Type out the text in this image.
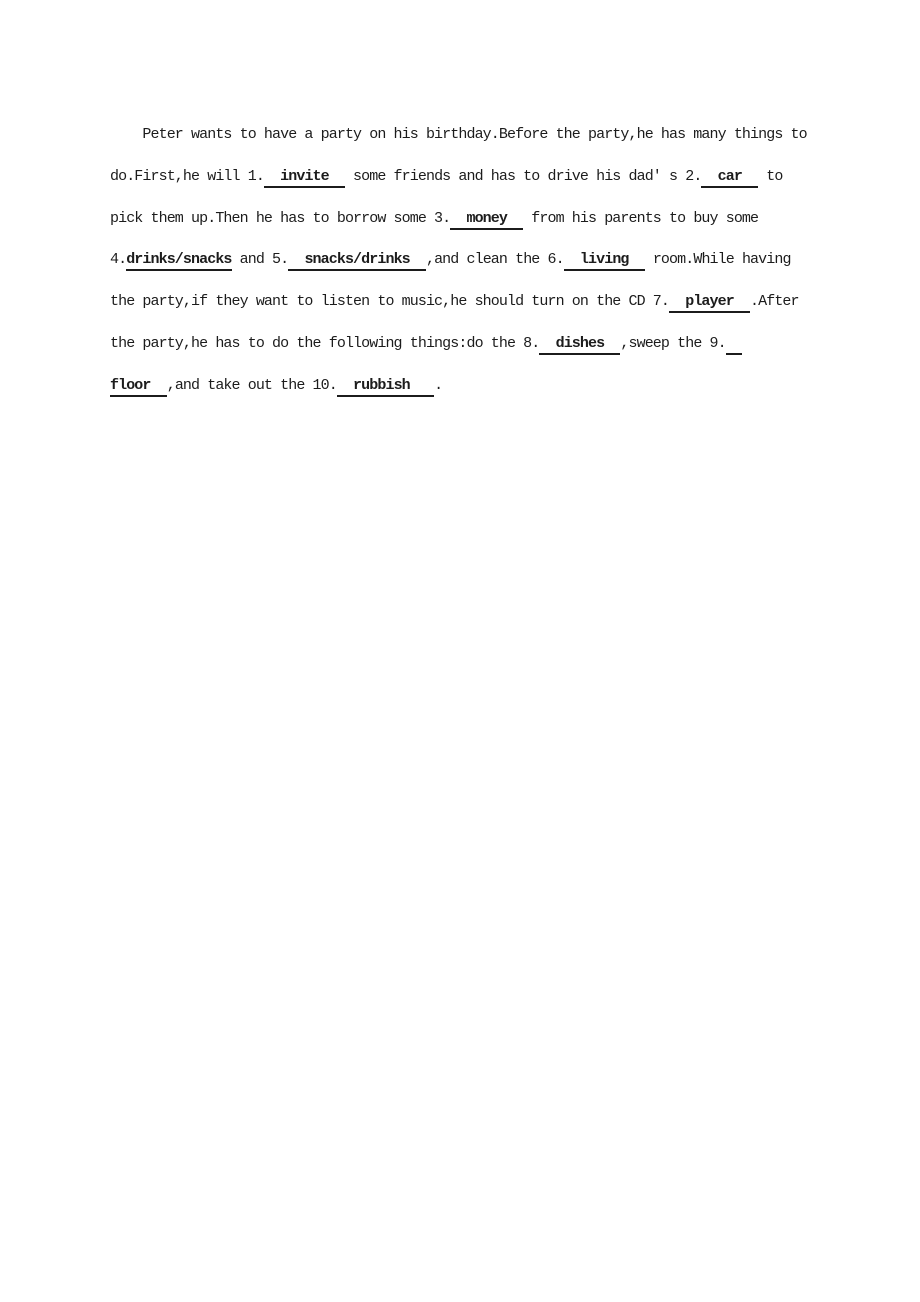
Peter wants to have a party on his birthday.Before the party,he has many things to
do.First,he will 1.  invite   some friends and has to drive his dad' s 2.  car   to
pick them up.Then he has to borrow some 3.  money   from his parents to buy some
4.drinks/snacks and 5.  snacks/drinks  ,and clean the 6.  living   room.While having
the party,if they want to listen to music,he should turn on the CD 7.  player  .After
the party,he has to do the following things:do the 8.  dishes  ,sweep the 9.
floor  ,and take out the 10.  rubbish   .
